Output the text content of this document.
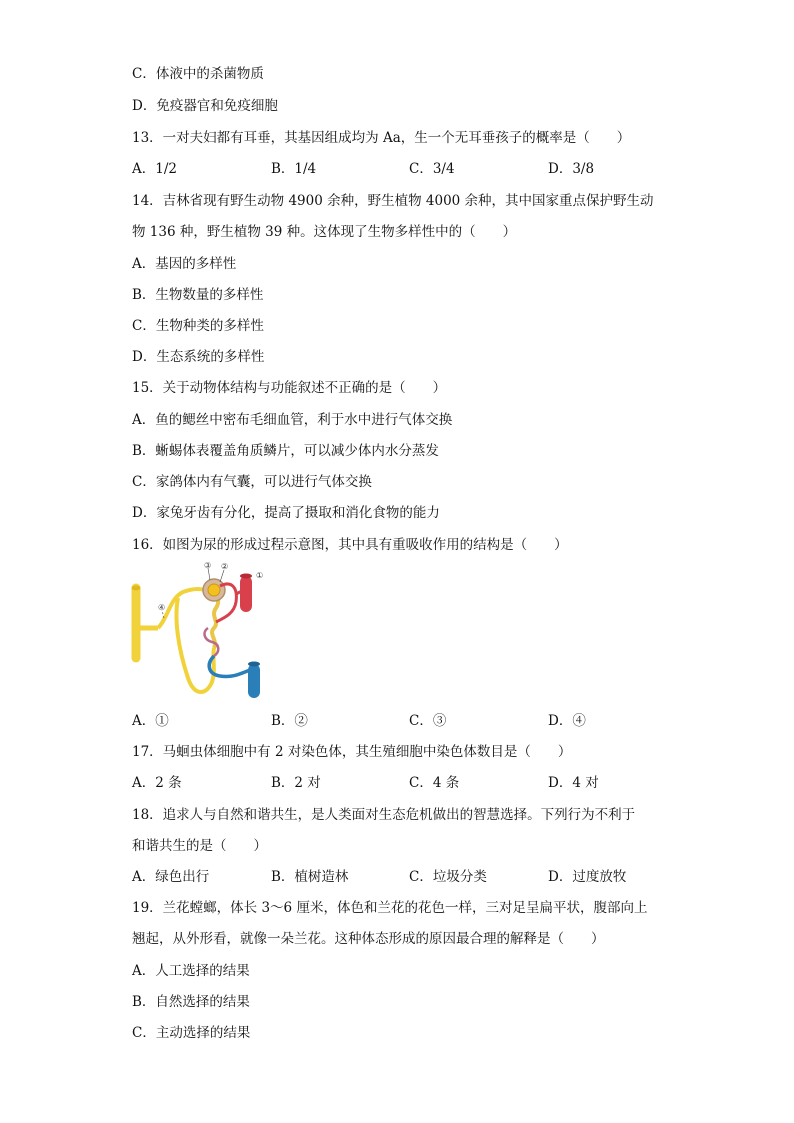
C．体液中的杀菌物质
D．免疫器官和免疫细胞
13．一对夫妇都有耳垂，其基因组成均为 Aa，生一个无耳垂孩子的概率是（　　）
A．1/2	B．1/4	C．3/4	D．3/8
14．吉林省现有野生动物 4900 余种，野生植物 4000 余种，其中国家重点保护野生动
物 136 种，野生植物 39 种。这体现了生物多样性中的（　　）
A．基因的多样性
B．生物数量的多样性
C．生物种类的多样性
D．生态系统的多样性
15．关于动物体结构与功能叙述不正确的是（　　）
A．鱼的鳃丝中密布毛细血管，利于水中进行气体交换
B．蜥蜴体表覆盖角质鳞片，可以减少体内水分蒸发
C．家鸽体内有气囊，可以进行气体交换
D．家兔牙齿有分化，提高了摄取和消化食物的能力
16．如图为尿的形成过程示意图，其中具有重吸收作用的结构是（　　）
③ ②
①
④
A．①	B．②	C．③	D．④
17．马蛔虫体细胞中有 2 对染色体，其生殖细胞中染色体数目是（　　）
A．2 条	B．2 对	C．4 条	D．4 对
18．追求人与自然和谐共生，是人类面对生态危机做出的智慧选择。下列行为不利于
和谐共生的是（　　）
A．绿色出行	B．植树造林	C．垃圾分类	D．过度放牧
19．兰花螳螂，体长 3～6 厘米，体色和兰花的花色一样，三对足呈扁平状，腹部向上
翘起，从外形看，就像一朵兰花。这种体态形成的原因最合理的解释是（　　）
A．人工选择的结果
B．自然选择的结果
C．主动选择的结果
